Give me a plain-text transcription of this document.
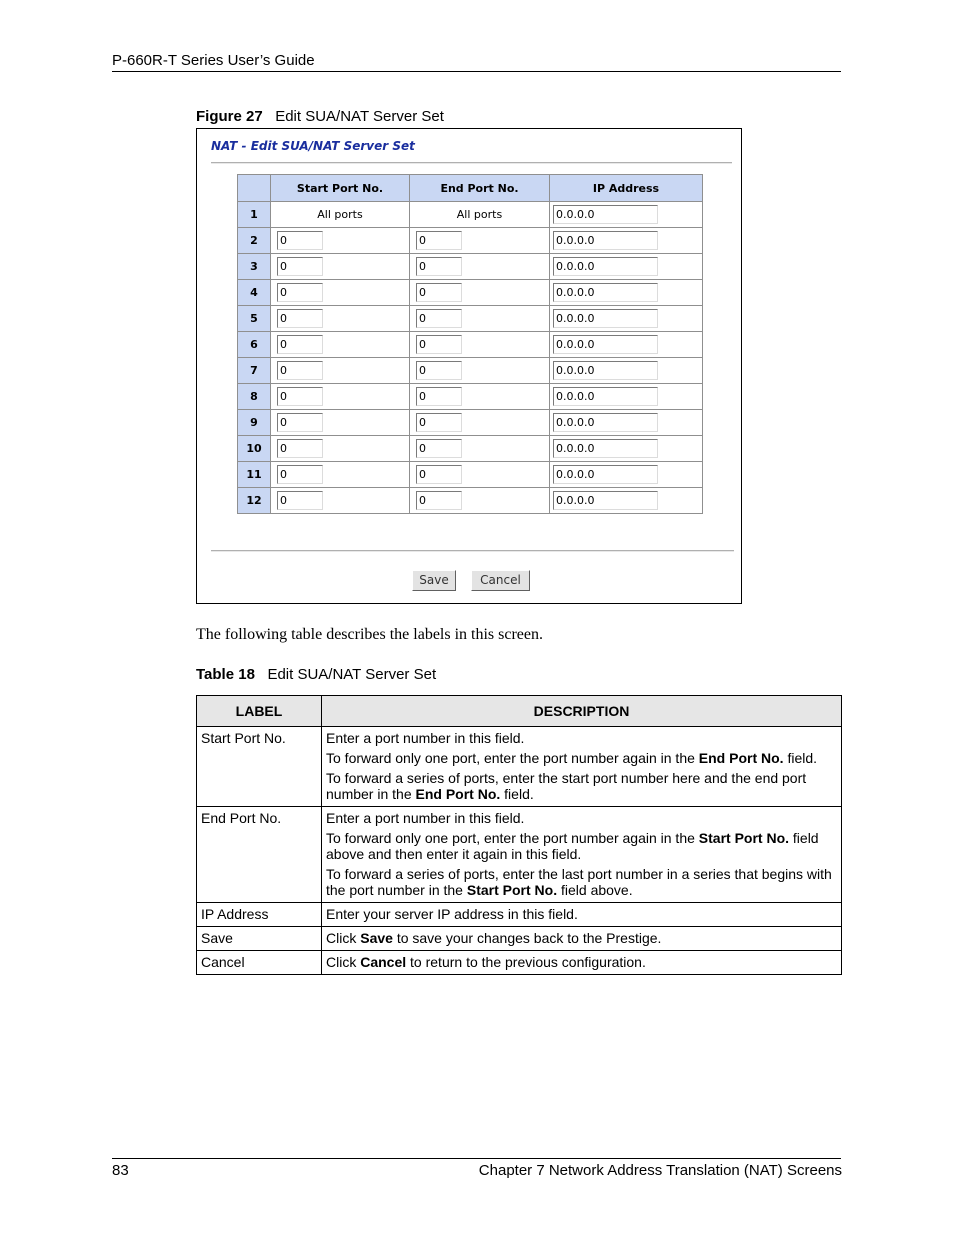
P-660R-T Series User’s Guide
Figure 27 Edit SUA/NAT Server Set
NAT - Edit SUA/NAT Server Set
	Start Port No.	End Port No.	IP Address
1	All ports	All ports	0.0.0.0
2	0	0	0.0.0.0
3	0	0	0.0.0.0
4	0	0	0.0.0.0
5	0	0	0.0.0.0
6	0	0	0.0.0.0
7	0	0	0.0.0.0
8	0	0	0.0.0.0
9	0	0	0.0.0.0
10	0	0	0.0.0.0
11	0	0	0.0.0.0
12	0	0	0.0.0.0
Save	Cancel
The following table describes the labels in this screen.
Table 18 Edit SUA/NAT Server Set
LABEL	DESCRIPTION
Start Port No.	Enter a port number in this field.

To forward only one port, enter the port number again in the End Port No. field.

To forward a series of ports, enter the start port number here and the end port number in the End Port No. field.

End Port No.	Enter a port number in this field.

To forward only one port, enter the port number again in the Start Port No. field above and then enter it again in this field.

To forward a series of ports, enter the last port number in a series that begins with the port number in the Start Port No. field above.

IP Address	Enter your server IP address in this field.

Save	Click Save to save your changes back to the Prestige.

Cancel	Click Cancel to return to the previous configuration.

83	Chapter 7 Network Address Translation (NAT) Screens
